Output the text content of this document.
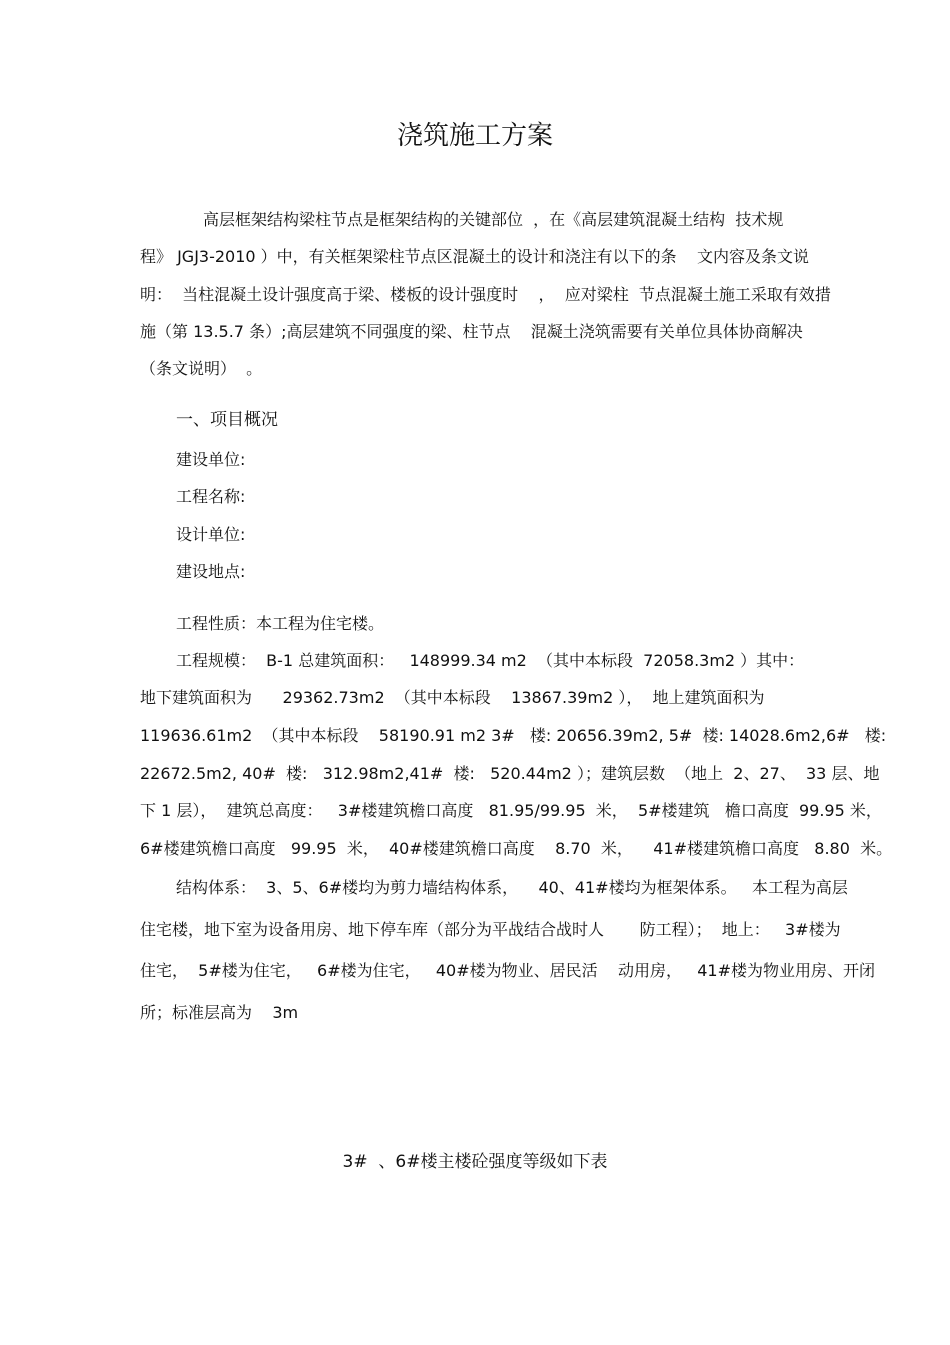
浇筑施工方案
高层框架结构梁柱节点是框架结构的关键部位  ，在《高层建筑混凝土结构  技术规
程》 JGJ3-2010 ）中，有关框架梁柱节点区混凝土的设计和浇注有以下的条    文内容及条文说
明：  当柱混凝土设计强度高于梁、楼板的设计强度时    ，  应对梁柱  节点混凝土施工采取有效措
施（第 13.5.7 条）;高层建筑不同强度的梁、柱节点    混凝土浇筑需要有关单位具体协商解决
（条文说明）  。
一、项目概况
建设单位:
工程名称:
设计单位:
建设地点:
工程性质：本工程为住宅楼。
工程规模：  B-1 总建筑面积：   148999.34 m2  （其中本标段  72058.3m2 ）其中：
地下建筑面积为      29362.73m2  （其中本标段    13867.39m2 ），  地上建筑面积为
119636.61m2  （其中本标段    58190.91 m2 3#   楼: 20656.39m2, 5#  楼: 14028.6m2,6#   楼:
22672.5m2, 40#  楼:   312.98m2,41#  楼:   520.44m2 ）；建筑层数  （地上  2、27、  33 层、地
下 1 层），  建筑总高度：   3#楼建筑檐口高度   81.95/99.95  米，  5#楼建筑   檐口高度  99.95 米，
6#楼建筑檐口高度   99.95  米，  40#楼建筑檐口高度    8.70  米，    41#楼建筑檐口高度   8.80  米。
结构体系：  3、5、6#楼均为剪力墙结构体系，    40、41#楼均为框架体系。   本工程为高层
住宅楼，地下室为设备用房、地下停车库（部分为平战结合战时人       防工程）；  地上：   3#楼为
住宅，  5#楼为住宅，   6#楼为住宅，   40#楼为物业、居民活    动用房，   41#楼为物业用房、开闭
所；标准层高为    3m
3#  、6#楼主楼砼强度等级如下表
